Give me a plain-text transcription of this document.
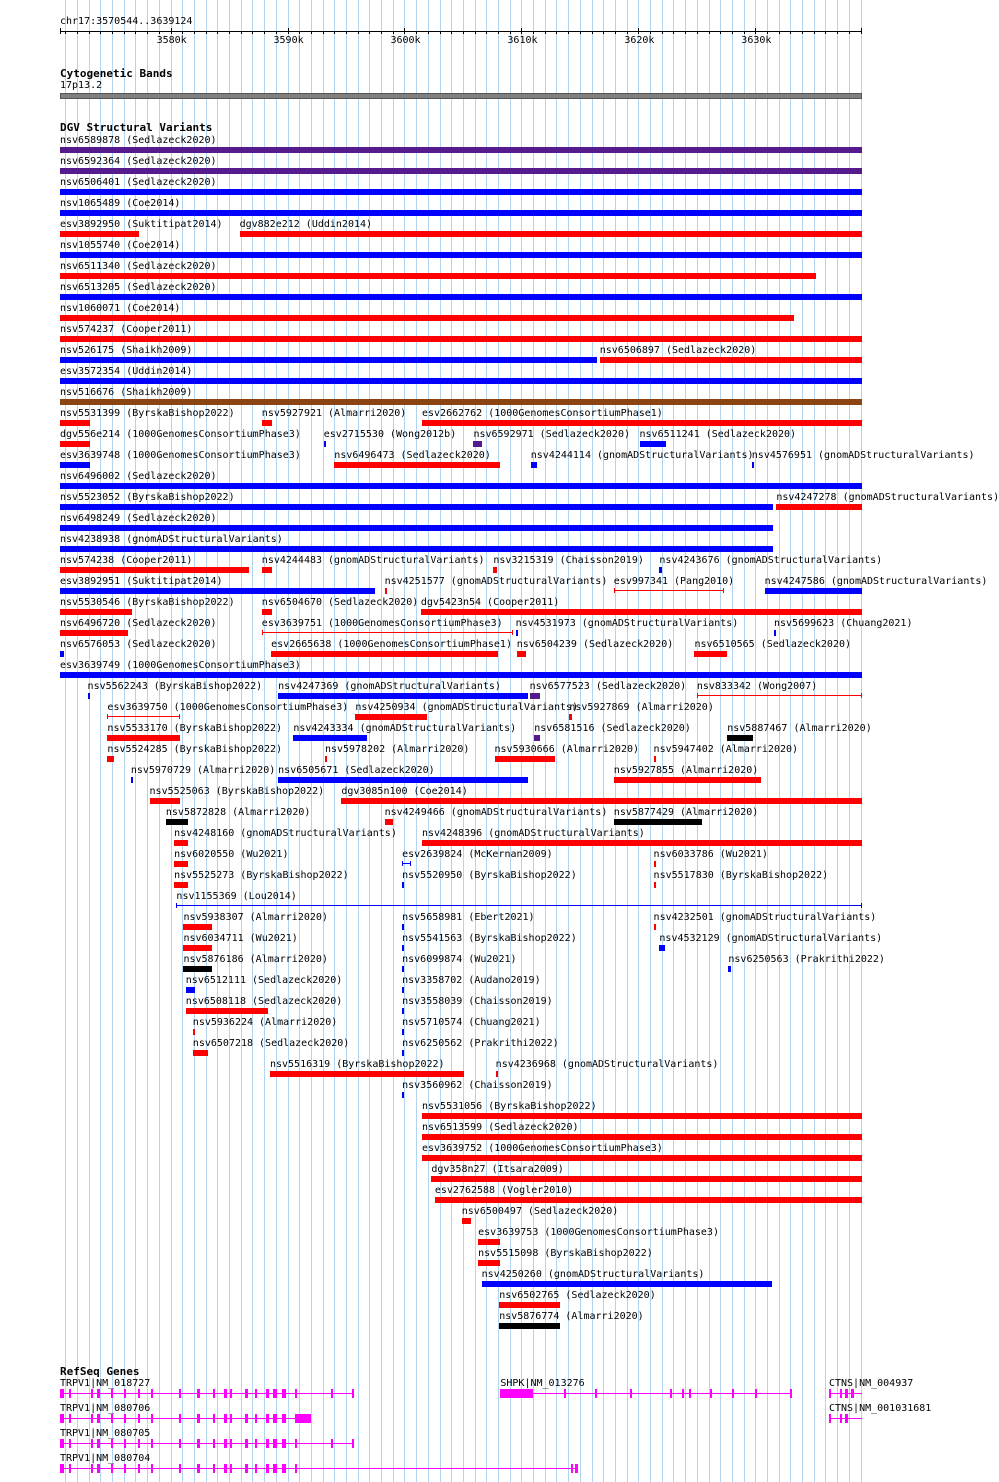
chr17:3570544..3639124
3580k	3590k	3600k	3610k	3620k	3630k
Cytogenetic Bands
17p13.2
DGV Structural Variants
nsv6589878 (Sedlazeck2020)
nsv6592364 (Sedlazeck2020)
nsv6506401 (Sedlazeck2020)
nsv1065489 (Coe2014)
esv3892950 (Suktitipat2014) dgv882e212 (Uddin2014)
nsv1055740 (Coe2014)
nsv6511340 (Sedlazeck2020)
nsv6513205 (Sedlazeck2020)
nsv1060071 (Coe2014)
nsv574237 (Cooper2011)
nsv526175 (Shaikh2009)	nsv6506897 (Sedlazeck2020)
esv3572354 (Uddin2014)
nsv516676 (Shaikh2009)
nsv5531399 (ByrskaBishop2022)	nsv5927921 (Almarri2020) esv2662762 (1000GenomesConsortiumPhase1)
dgv556e214 (1000GenomesConsortiumPhase3) esv2715530 (Wong2012b) nsv6592971 (Sedlazeck2020) nsv6511241 (Sedlazeck2020)
esv3639748 (1000GenomesConsortiumPhase3)	nsv6496473 (Sedlazeck2020)	nsv4244114 (gnomADStructuralVariants)
nsv4576951 (gnomADStructuralVariants)
nsv6496002 (Sedlazeck2020)
nsv5523052 (ByrskaBishop2022)	nsv4247278 (gnomADStructuralVariants)
nsv6498249 (Sedlazeck2020)
nsv4238938 (gnomADStructuralVariants)
nsv574238 (Cooper2011)	nsv4244483 (gnomADStructuralVariants) nsv3215319 (Chaisson2019) nsv4243676 (gnomADStructuralVariants)
esv3892951 (Suktitipat2014)	nsv4251577 (gnomADStructuralVariants) esv997341 (Pang2010)	nsv4247586 (gnomADStructuralVariants)
nsv5530546 (ByrskaBishop2022)	nsv6504670 (Sedlazeck2020) dgv5423n54 (Cooper2011)
nsv6496720 (Sedlazeck2020)	esv3639751 (1000GenomesConsortiumPhase3) nsv4531973 (gnomADStructuralVariants)	nsv5699623 (Chuang2021)
nsv6576053 (Sedlazeck2020)	esv2665638 (1000GenomesConsortiumPhase1) nsv6504239 (Sedlazeck2020) nsv6510565 (Sedlazeck2020)
esv3639749 (1000GenomesConsortiumPhase3)
nsv5562243 (ByrskaBishop2022) nsv4247369 (gnomADStructuralVariants)	nsv6577523 (Sedlazeck2020) nsv833342 (Wong2007)
esv3639750 (1000GenomesConsortiumPhase3) nsv4250934 (gnomADStructuralVariants)
nsv5927869 (Almarri2020)
nsv5533170 (ByrskaBishop2022) nsv4243334 (gnomADStructuralVariants) nsv6581516 (Sedlazeck2020)	nsv5887467 (Almarri2020)
nsv5524285 (ByrskaBishop2022)	nsv5978202 (Almarri2020)	nsv5930666 (Almarri2020) nsv5947402 (Almarri2020)
nsv5970729 (Almarri2020) nsv6505671 (Sedlazeck2020)	nsv5927855 (Almarri2020)
nsv5525063 (ByrskaBishop2022) dgv3085n100 (Coe2014)
nsv5872828 (Almarri2020)	nsv4249466 (gnomADStructuralVariants) nsv5877429 (Almarri2020)
nsv4248160 (gnomADStructuralVariants)	nsv4248396 (gnomADStructuralVariants)
nsv6020550 (Wu2021)	esv2639824 (McKernan2009)	nsv6033786 (Wu2021)
nsv5525273 (ByrskaBishop2022)	nsv5520950 (ByrskaBishop2022)	nsv5517830 (ByrskaBishop2022)
nsv1155369 (Lou2014)
nsv5938307 (Almarri2020)	nsv5658981 (Ebert2021)	nsv4232501 (gnomADStructuralVariants)
nsv6034711 (Wu2021)	nsv5541563 (ByrskaBishop2022)	nsv4532129 (gnomADStructuralVariants)
nsv5876186 (Almarri2020)	nsv6099874 (Wu2021)	nsv6250563 (Prakrithi2022)
nsv6512111 (Sedlazeck2020)	nsv3358702 (Audano2019)
nsv6508118 (Sedlazeck2020)	nsv3558039 (Chaisson2019)
nsv5936224 (Almarri2020)	nsv5710574 (Chuang2021)
nsv6507218 (Sedlazeck2020)	nsv6250562 (Prakrithi2022)
nsv5516319 (ByrskaBishop2022)	nsv4236968 (gnomADStructuralVariants)
nsv3560962 (Chaisson2019)
nsv5531056 (ByrskaBishop2022)
nsv6513599 (Sedlazeck2020)
esv3639752 (1000GenomesConsortiumPhase3)
dgv358n27 (Itsara2009)
esv2762588 (Vogler2010)
nsv6500497 (Sedlazeck2020)
esv3639753 (1000GenomesConsortiumPhase3)
nsv5515098 (ByrskaBishop2022)
nsv4250260 (gnomADStructuralVariants)
nsv6502765 (Sedlazeck2020)
nsv5876774 (Almarri2020)
RefSeq Genes
TRPV1|NM_018727	SHPK|NM_013276	CTNS|NM_004937
TRPV1|NM_080706	CTNS|NM_001031681
TRPV1|NM_080705
TRPV1|NM_080704
